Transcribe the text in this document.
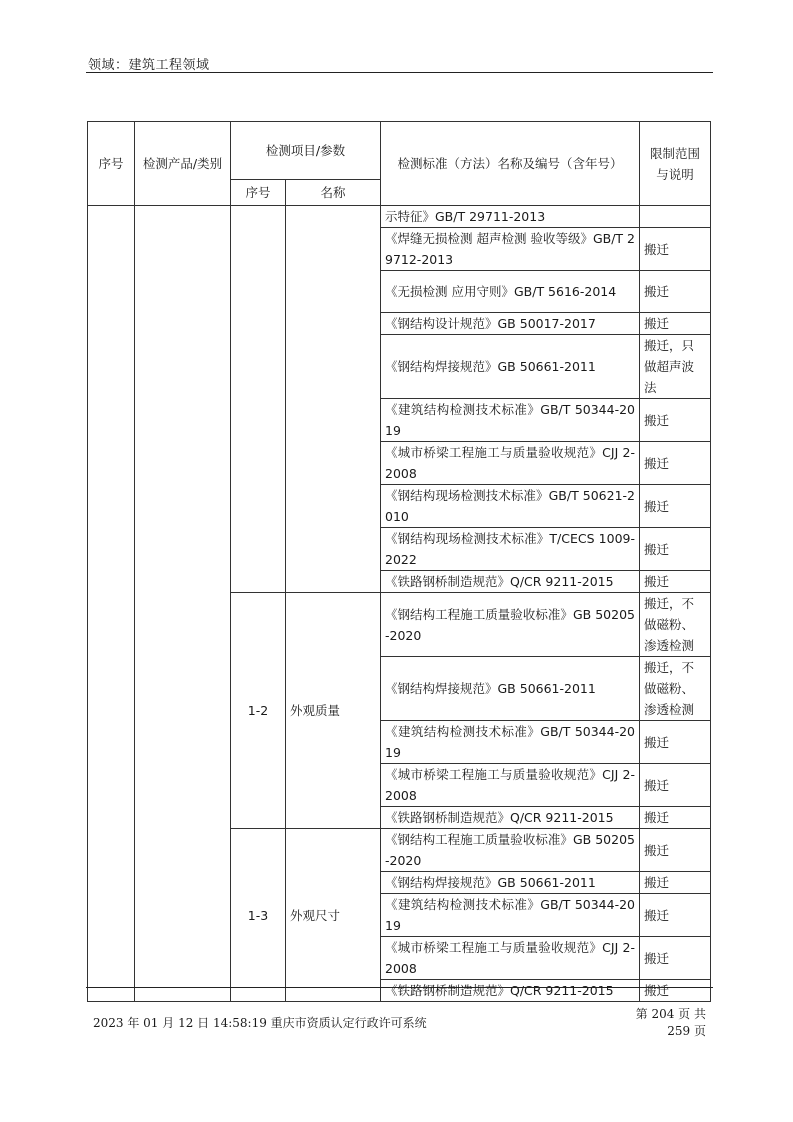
领域：建筑工程领域
序号	检测产品/类别	检测项目/参数		检测标准（方法）名称及编号（含年号）	限制范围与说明
		序号	名称		
				示特征》GB/T 29711-2013	
				《焊缝无损检测 超声检测 验收等级》GB/T 29712-2013	搬迁
				《无损检测 应用守则》GB/T 5616-2014	搬迁
				《钢结构设计规范》GB 50017-2017	搬迁
				《钢结构焊接规范》GB 50661-2011	搬迁，只做超声波法
				《建筑结构检测技术标准》GB/T 50344-2019	搬迁
				《城市桥梁工程施工与质量验收规范》CJJ 2-2008	搬迁
				《钢结构现场检测技术标准》GB/T 50621-2010	搬迁
				《钢结构现场检测技术标准》T/CECS 1009-2022	搬迁
				《铁路钢桥制造规范》Q/CR 9211-2015	搬迁
		1-2	外观质量	《钢结构工程施工质量验收标准》GB 50205-2020	搬迁，不做磁粉、渗透检测
				《钢结构焊接规范》GB 50661-2011	搬迁，不做磁粉、渗透检测
				《建筑结构检测技术标准》GB/T 50344-2019	搬迁
				《城市桥梁工程施工与质量验收规范》CJJ 2-2008	搬迁
				《铁路钢桥制造规范》Q/CR 9211-2015	搬迁
		1-3	外观尺寸	《钢结构工程施工质量验收标准》GB 50205-2020	搬迁
				《钢结构焊接规范》GB 50661-2011	搬迁
				《建筑结构检测技术标准》GB/T 50344-2019	搬迁
				《城市桥梁工程施工与质量验收规范》CJJ 2-2008	搬迁
				《铁路钢桥制造规范》Q/CR 9211-2015	搬迁
2023 年 01 月 12 日 14:58:19 重庆市资质认定行政许可系统
第 204 页 共 259 页
